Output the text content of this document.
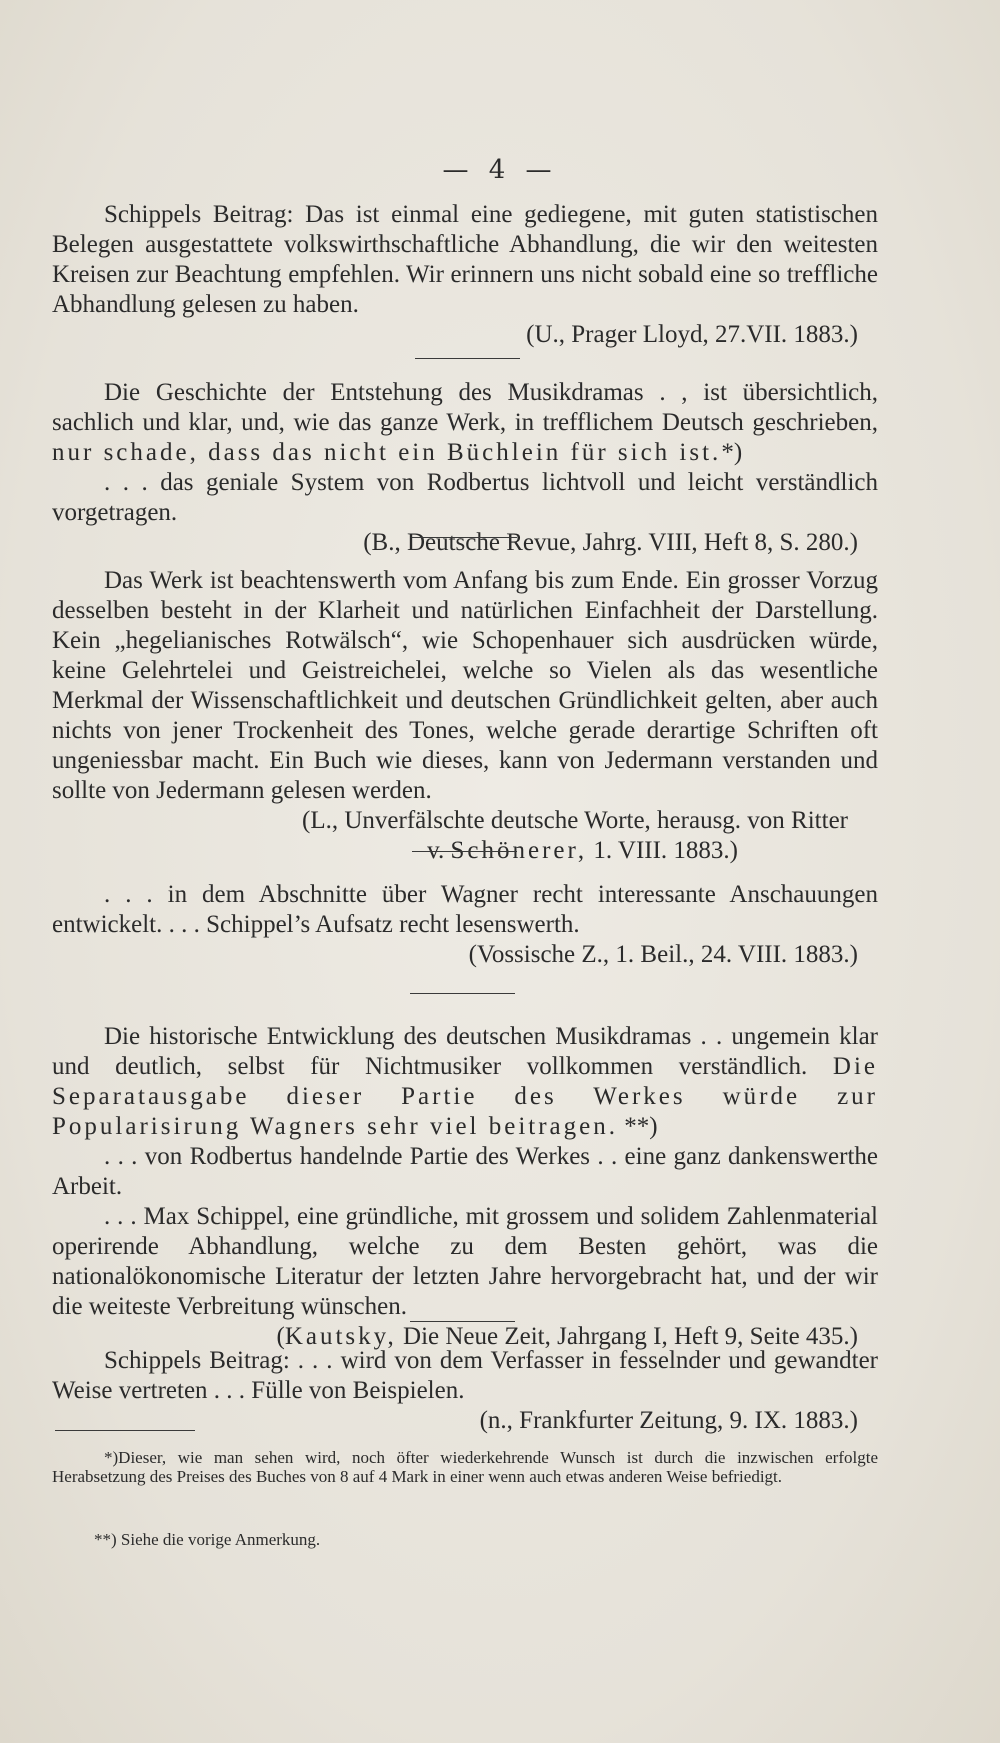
— 4 —

Schippels Beitrag: Das ist einmal eine gediegene, mit guten statistischen Belegen ausgestattete volkswirthschaftliche Abhandlung, die wir den weitesten Kreisen zur Beachtung empfehlen. Wir erinnern uns nicht sobald eine so treffliche Abhandlung gelesen zu haben.

(U., Prager Lloyd, 27.VII. 1883.)

Die Geschichte der Entstehung des Musikdramas . , ist übersichtlich, sachlich und klar, und, wie das ganze Werk, in trefflichem Deutsch geschrieben, nur schade, dass das nicht ein Büchlein für sich ist.*)

. . . das geniale System von Rodbertus lichtvoll und leicht verständlich vorgetragen.

(B., Deutsche Revue, Jahrg. VIII, Heft 8, S. 280.)

Das Werk ist beachtenswerth vom Anfang bis zum Ende. Ein grosser Vorzug desselben besteht in der Klarheit und natürlichen Einfachheit der Darstellung. Kein „hegelianisches Rotwälsch“, wie Schopenhauer sich ausdrücken würde, keine Gelehrtelei und Geistreichelei, welche so Vielen als das wesentliche Merkmal der Wissenschaftlichkeit und deutschen Gründlichkeit gelten, aber auch nichts von jener Trockenheit des Tones, welche gerade derartige Schriften oft ungeniessbar macht. Ein Buch wie dieses, kann von Jedermann verstanden und sollte von Jedermann gelesen werden.

(L., Unverfälschte deutsche Worte, herausg. von Ritter

v. Schönerer, 1. VIII. 1883.)

. . . in dem Abschnitte über Wagner recht interessante Anschauungen entwickelt. . . . Schippel’s Aufsatz recht lesenswerth.

(Vossische Z., 1. Beil., 24. VIII. 1883.)

Die historische Entwicklung des deutschen Musikdramas . . ungemein klar und deutlich, selbst für Nichtmusiker vollkommen verständlich. Die Separatausgabe dieser Partie des Werkes würde zur Popularisirung Wagners sehr viel beitragen. **)

. . . von Rodbertus handelnde Partie des Werkes . . eine ganz dankenswerthe Arbeit.

. . . Max Schippel, eine gründliche, mit grossem und solidem Zahlenmaterial operirende Abhandlung, welche zu dem Besten gehört, was die nationalökonomische Literatur der letzten Jahre hervorgebracht hat, und der wir die weiteste Verbreitung wünschen.

(Kautsky, Die Neue Zeit, Jahrgang I, Heft 9, Seite 435.)

Schippels Beitrag: . . . wird von dem Verfasser in fesselnder und gewandter Weise vertreten . . . Fülle von Beispielen.

(n., Frankfurter Zeitung, 9. IX. 1883.)

*)Dieser, wie man sehen wird, noch öfter wiederkehrende Wunsch ist durch die inzwischen erfolgte Herabsetzung des Preises des Buches von 8 auf 4 Mark in einer wenn auch etwas anderen Weise befriedigt.

**) Siehe die vorige Anmerkung.
